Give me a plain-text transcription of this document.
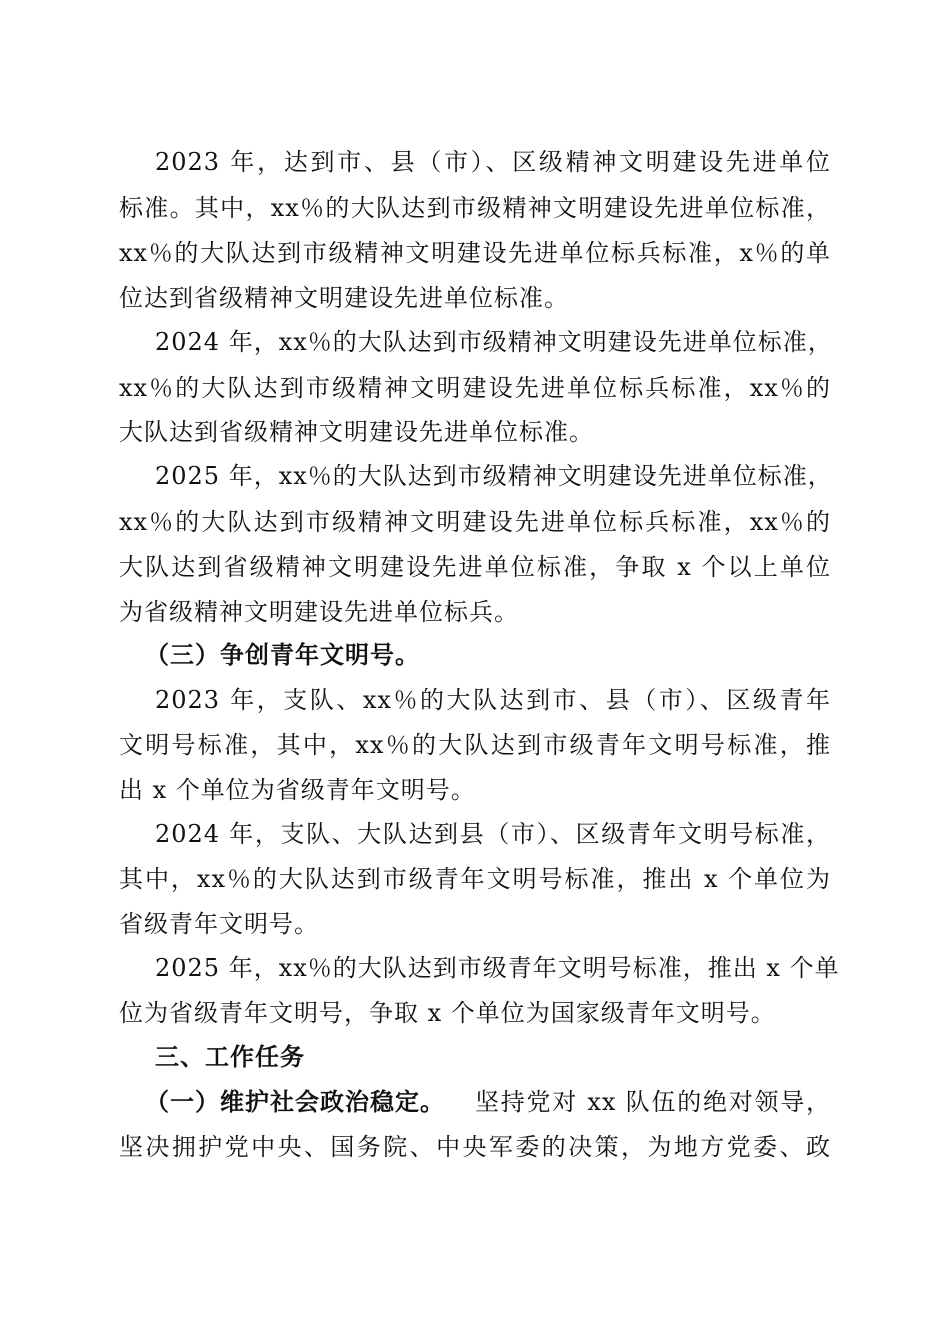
2023 年，达到市、县（市）、区级精神文明建设先进单位

标准。其中，xx％的大队达到市级精神文明建设先进单位标准，

xx％的大队达到市级精神文明建设先进单位标兵标准，x％的单

位达到省级精神文明建设先进单位标准。

2024 年，xx％的大队达到市级精神文明建设先进单位标准，

xx％的大队达到市级精神文明建设先进单位标兵标准，xx％的

大队达到省级精神文明建设先进单位标准。

2025 年，xx％的大队达到市级精神文明建设先进单位标准，

xx％的大队达到市级精神文明建设先进单位标兵标准，xx％的

大队达到省级精神文明建设先进单位标准，争取 x 个以上单位

为省级精神文明建设先进单位标兵。

（三）争创青年文明号。

2023 年，支队、xx％的大队达到市、县（市）、区级青年

文明号标准，其中，xx％的大队达到市级青年文明号标准，推

出 x 个单位为省级青年文明号。

2024 年，支队、大队达到县（市）、区级青年文明号标准，

其中，xx％的大队达到市级青年文明号标准，推出 x 个单位为

省级青年文明号。

2025 年，xx％的大队达到市级青年文明号标准，推出 x 个单

位为省级青年文明号，争取 x 个单位为国家级青年文明号。

三、工作任务

（一）维护社会政治稳定。	坚持党对 xx 队伍的绝对领导，

坚决拥护党中央、国务院、中央军委的决策，为地方党委、政
